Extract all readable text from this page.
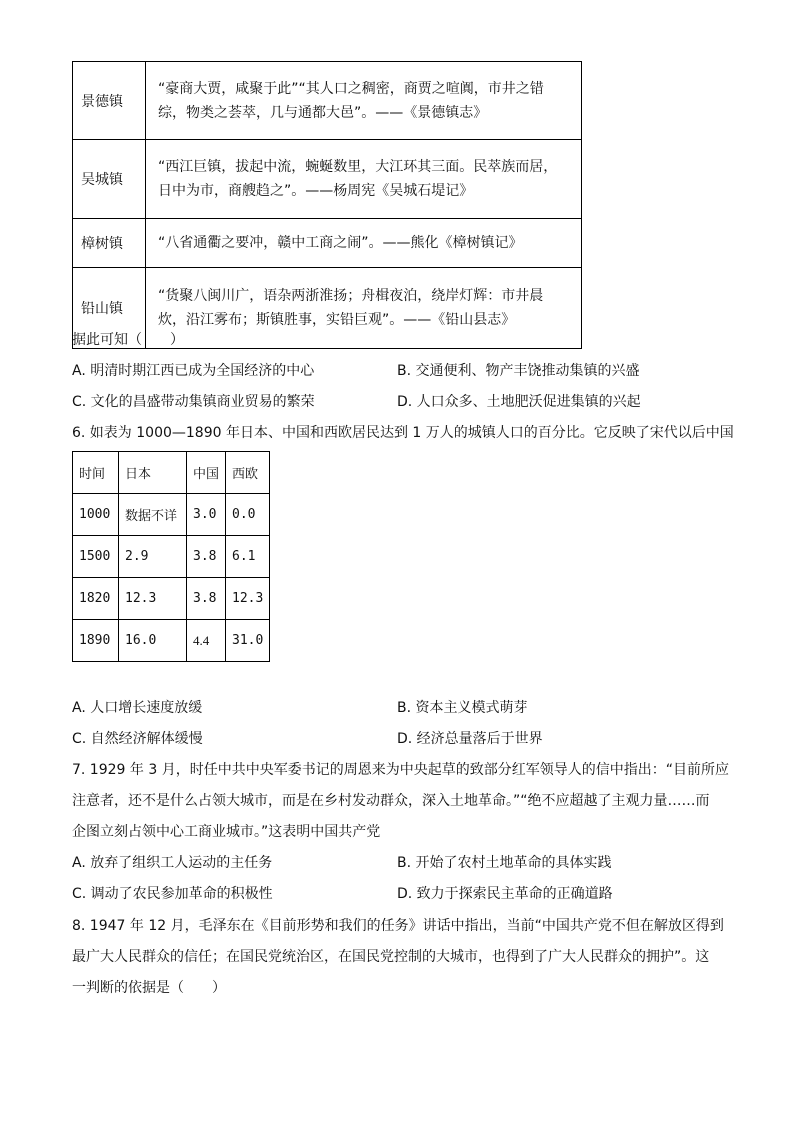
景德镇	“豪商大贾，咸聚于此”“其人口之稠密，商贾之喧阗，市井之错
综，物类之荟萃，几与通都大邑”。——《景德镇志》

吴城镇	“西江巨镇，拔起中流，蜿蜒数里，大江环其三面。民萃族而居，
日中为市，商艘趋之”。——杨周宪《吴城石堤记》

樟树镇	“八省通衢之要冲，赣中工商之闹”。——熊化《樟树镇记》

铅山镇	“货聚八闽川广，语杂两浙淮扬；舟楫夜泊，绕岸灯辉：市井晨
炊，沿江雾布；斯镇胜事，实铅巨观”。——《铅山县志》
据此可知（　　）
A. 明清时期江西已成为全国经济的中心	B. 交通便利、物产丰饶推动集镇的兴盛
C. 文化的昌盛带动集镇商业贸易的繁荣	D. 人口众多、土地肥沃促进集镇的兴起
6. 如表为 1000—1890 年日本、中国和西欧居民达到 1 万人的城镇人口的百分比。它反映了宋代以后中国
时间	日本	中国	西欧
1000	数据不详	3.0	0.0
1500	2.9	3.8	6.1
1820	12.3	3.8	12.3
1890	16.0	4.4	31.0
A. 人口增长速度放缓	B. 资本主义模式萌芽
C. 自然经济解体缓慢	D. 经济总量落后于世界
7. 1929 年 3 月，时任中共中央军委书记的周恩来为中央起草的致部分红军领导人的信中指出：“目前所应
注意者，还不是什么占领大城市，而是在乡村发动群众，深入土地革命。”“绝不应超越了主观力量……而
企图立刻占领中心工商业城市。”这表明中国共产党
A. 放弃了组织工人运动的主任务	B. 开始了农村土地革命的具体实践
C. 调动了农民参加革命的积极性	D. 致力于探索民主革命的正确道路
8. 1947 年 12 月，毛泽东在《目前形势和我们的任务》讲话中指出，当前“中国共产党不但在解放区得到
最广大人民群众的信任；在国民党统治区，在国民党控制的大城市，也得到了广大人民群众的拥护”。这
一判断的依据是（　　）
